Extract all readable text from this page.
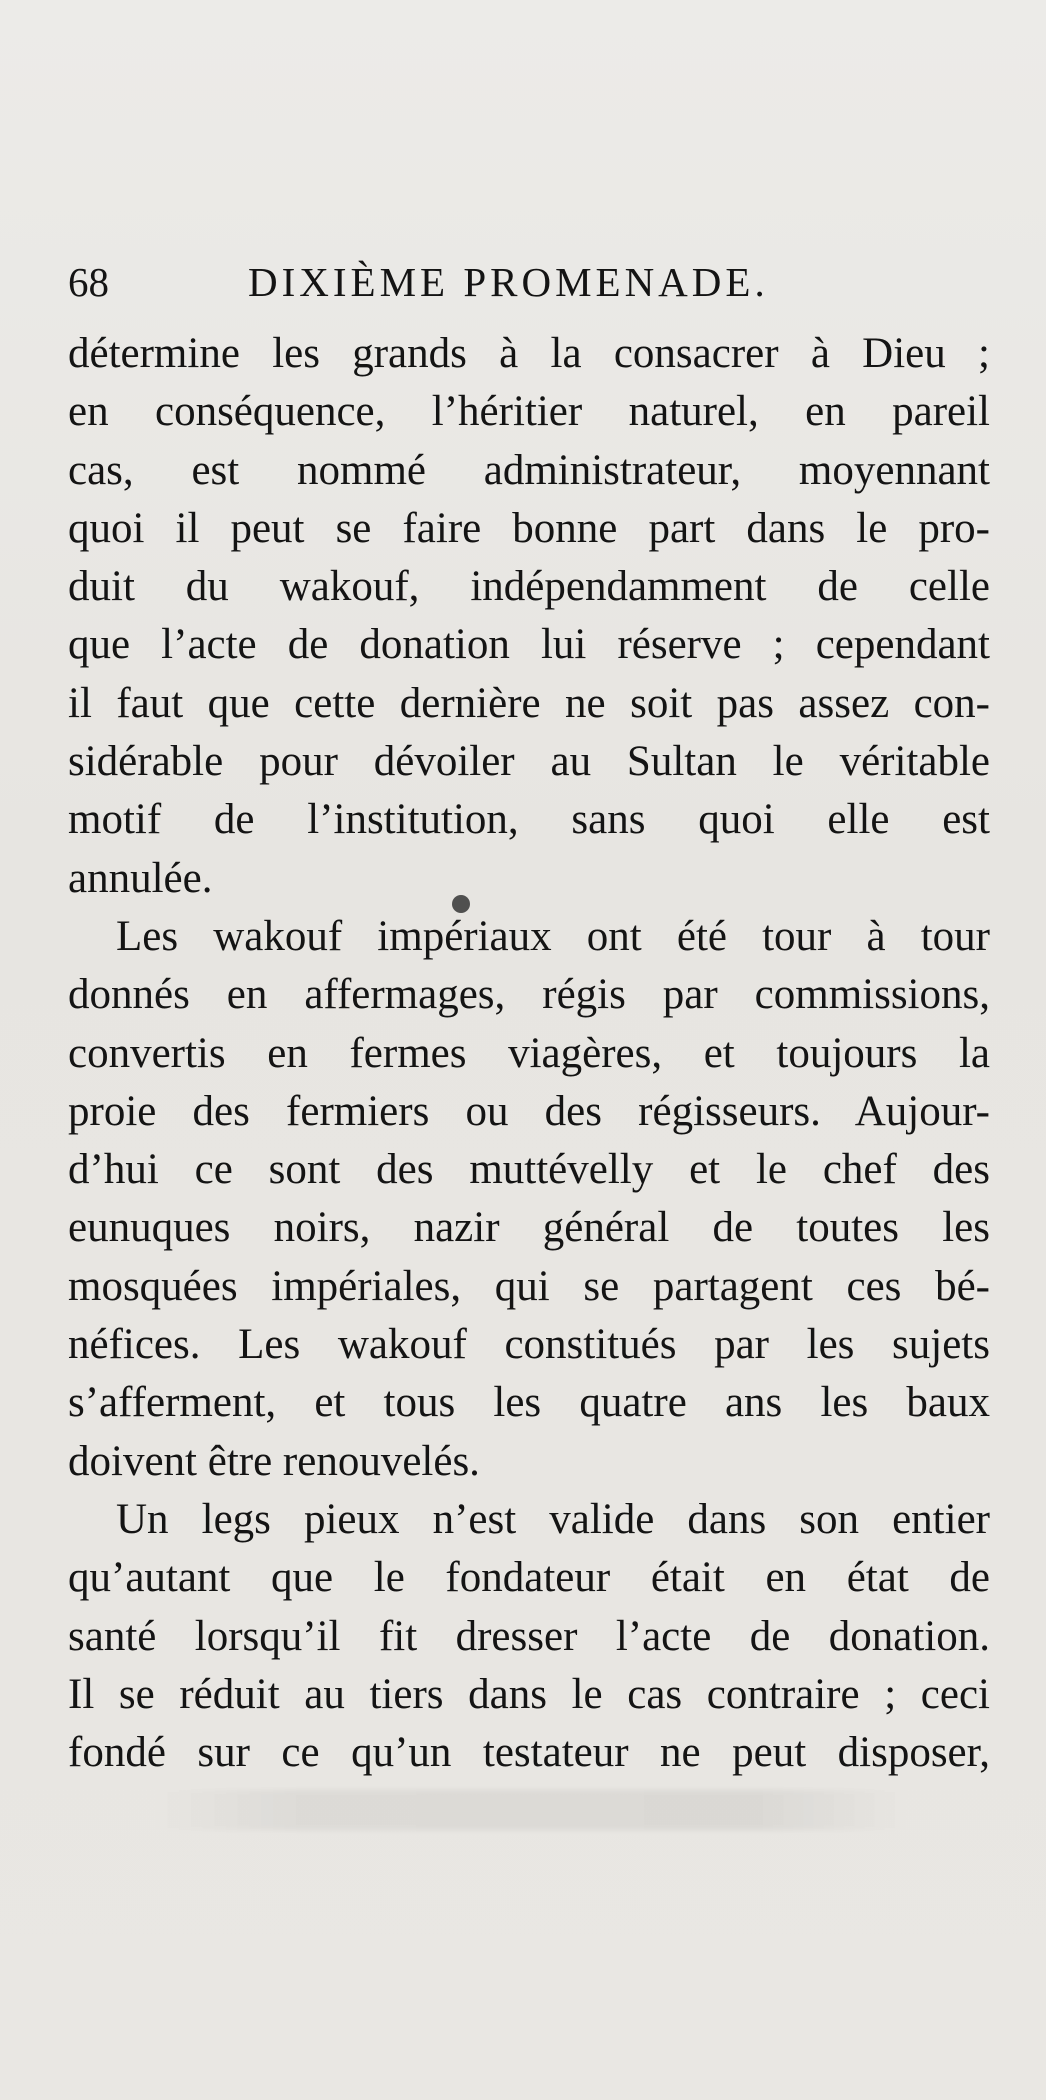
68	DIXIÈME PROMENADE.
détermine les grands à la consacrer à Dieu ;
en conséquence, l’héritier naturel, en pareil
cas, est nommé administrateur, moyennant
quoi il peut se faire bonne part dans le pro-
duit du wakouf, indépendamment de celle
que l’acte de donation lui réserve ; cependant
il faut que cette dernière ne soit pas assez con-
sidérable pour dévoiler au Sultan le véritable
motif de l’institution, sans quoi elle est
annulée.
Les wakouf impériaux ont été tour à tour
donnés en affermages, régis par commissions,
convertis en fermes viagères, et toujours la
proie des fermiers ou des régisseurs. Aujour-
d’hui ce sont des muttévelly et le chef des
eunuques noirs, nazir général de toutes les
mosquées impériales, qui se partagent ces bé-
néfices. Les wakouf constitués par les sujets
s’afferment, et tous les quatre ans les baux
doivent être renouvelés.
Un legs pieux n’est valide dans son entier
qu’autant que le fondateur était en état de
santé lorsqu’il fit dresser l’acte de donation.
Il se réduit au tiers dans le cas contraire ; ceci
fondé sur ce qu’un testateur ne peut disposer,
